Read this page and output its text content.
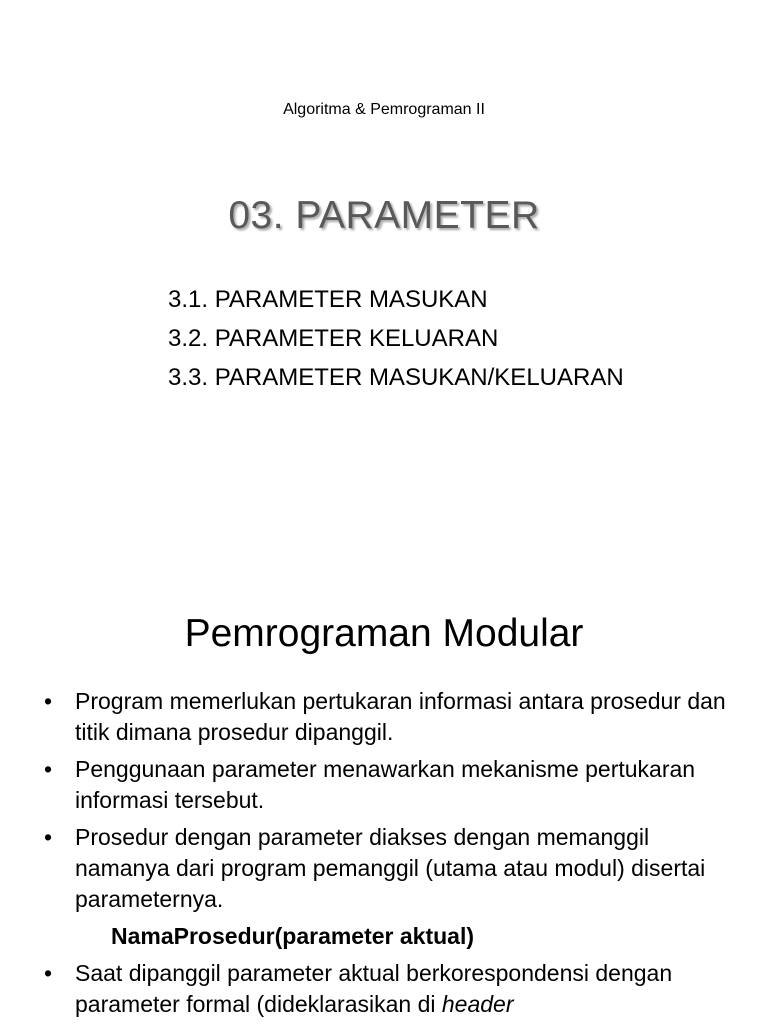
Algoritma & Pemrograman II
03. PARAMETER
3.1. PARAMETER MASUKAN
3.2. PARAMETER KELUARAN
3.3. PARAMETER MASUKAN/KELUARAN
Pemrograman Modular
• Program memerlukan pertukaran informasi antara prosedur dan titik dimana prosedur dipanggil.
• Penggunaan parameter menawarkan mekanisme pertukaran informasi tersebut.
• Prosedur dengan parameter diakses dengan memanggil namanya dari program pemanggil (utama atau modul) disertai parameternya.
NamaProsedur(parameter aktual)
• Saat dipanggil parameter aktual berkorespondensi dengan parameter formal (dideklarasikan di header
